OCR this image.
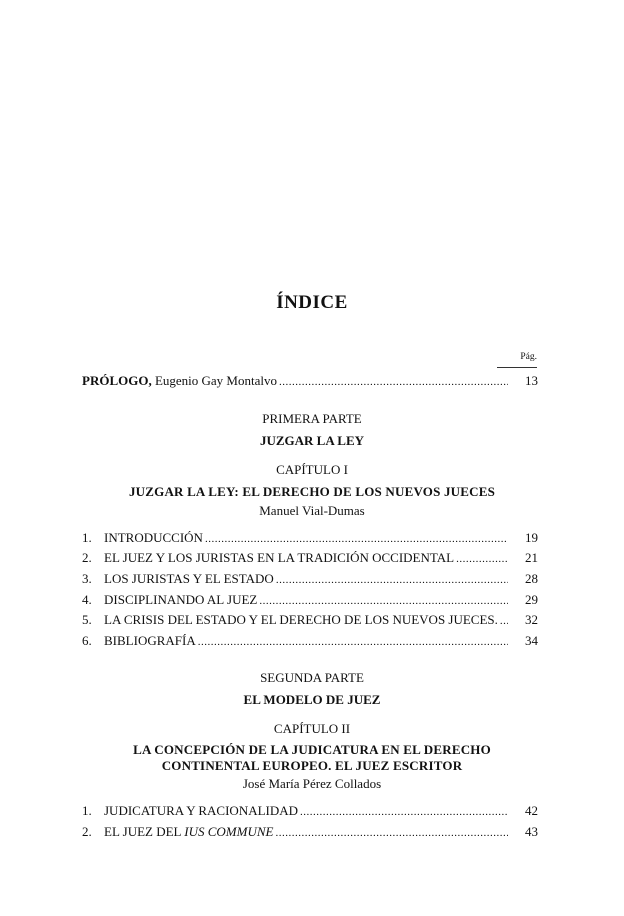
ÍNDICE
Pág.
PRÓLOGO, Eugenio Gay Montalvo .....	13
PRIMERA PARTE
JUZGAR LA LEY
CAPÍTULO I
JUZGAR LA LEY: EL DERECHO DE LOS NUEVOS JUECES
Manuel Vial-Dumas
1. INTRODUCCIÓN .....	19
2. EL JUEZ Y LOS JURISTAS EN LA TRADICIÓN OCCIDENTAL .....	21
3. LOS JURISTAS Y EL ESTADO .....	28
4. DISCIPLINANDO AL JUEZ .....	29
5. LA CRISIS DEL ESTADO Y EL DERECHO DE LOS NUEVOS JUECES. .....	32
6. BIBLIOGRAFÍA .....	34
SEGUNDA PARTE
EL MODELO DE JUEZ
CAPÍTULO II
LA CONCEPCIÓN DE LA JUDICATURA EN EL DERECHO
CONTINENTAL EUROPEO. EL JUEZ ESCRITOR
José María Pérez Collados
1. JUDICATURA Y RACIONALIDAD .....	42
2. EL JUEZ DEL IUS COMMUNE .....	43
